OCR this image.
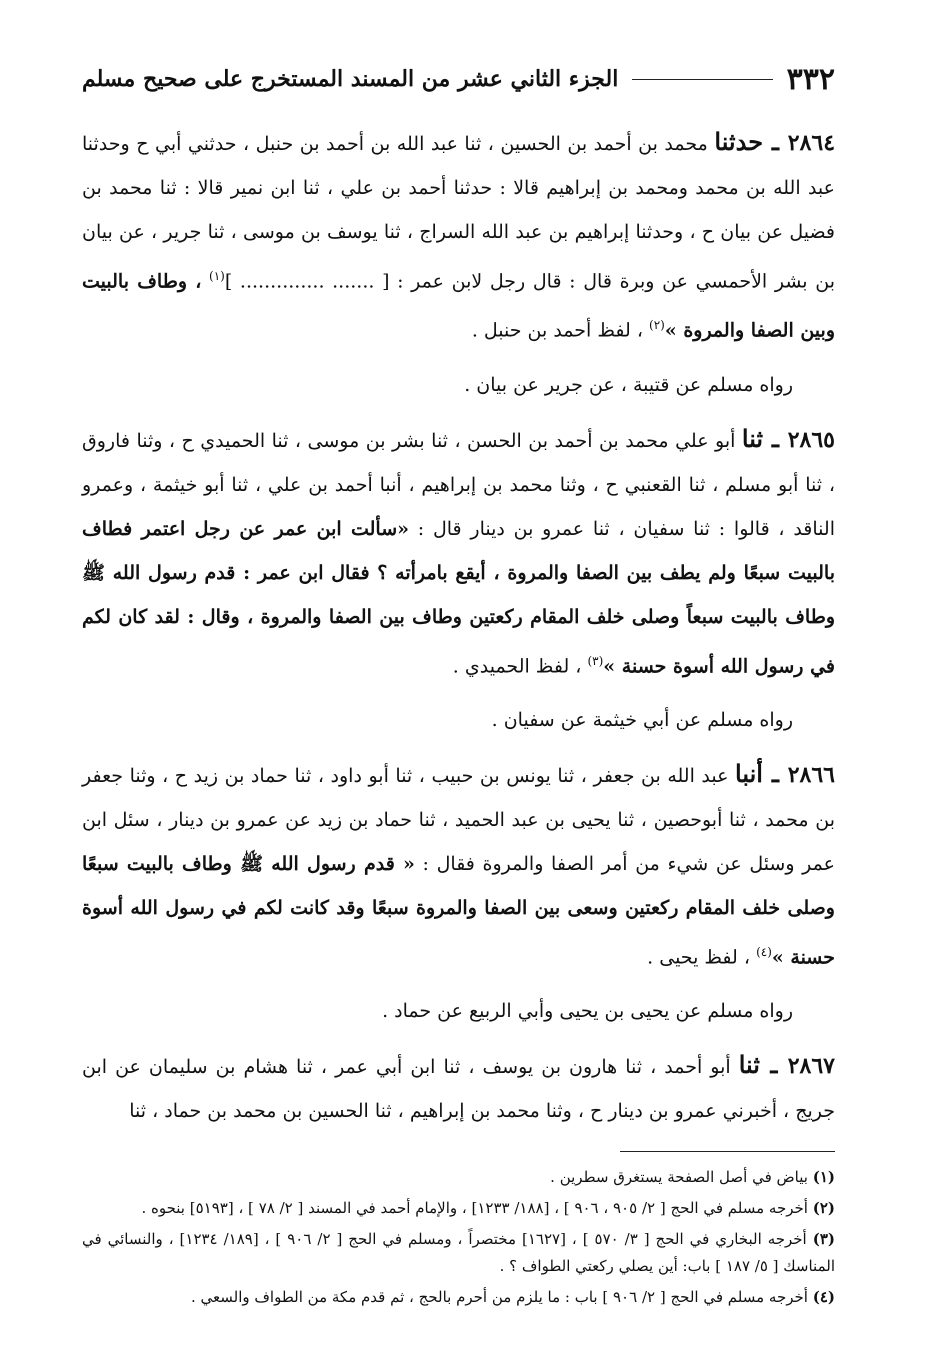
٣٣٢
الجزء الثاني عشر من المسند المستخرج على صحيح مسلم

٢٨٦٤ ـ حدثنا محمد بن أحمد بن الحسين ، ثنا عبد الله بن أحمد بن حنبل ، حدثني أبي ح وحدثنا عبد الله بن محمد ومحمد بن إبراهيم قالا : حدثنا أحمد بن علي ، ثنا ابن نمير قالا : ثنا محمد بن فضيل عن بيان ح ، وحدثنا إبراهيم بن عبد الله السراج ، ثنا يوسف بن موسى ، ثنا جرير ، عن بيان بن بشر الأحمسي عن وبرة قال : قال رجل لابن عمر : [ ....... .............. ]$^{(١)}$ ، وطاف بالبيت وبين الصفا والمروة »$^{(٢)}$ ، لفظ أحمد بن حنبل .

رواه مسلم عن قتيبة ، عن جرير عن بيان .

٢٨٦٥ ـ ثنا أبو علي محمد بن أحمد بن الحسن ، ثنا بشر بن موسى ، ثنا الحميدي ح ، وثنا فاروق ، ثنا أبو مسلم ، ثنا القعنبي ح ، وثنا محمد بن إبراهيم ، أنبا أحمد بن علي ، ثنا أبو خيثمة ، وعمرو الناقد ، قالوا : ثنا سفيان ، ثنا عمرو بن دينار قال : «سألت ابن عمر عن رجل اعتمر فطاف بالبيت سبعًا ولم يطف بين الصفا والمروة ، أيقع بامرأته ؟ فقال ابن عمر : قدم رسول الله ﷺ وطاف بالبيت سبعاً وصلى خلف المقام ركعتين وطاف بين الصفا والمروة ، وقال : لقد كان لكم في رسول الله أسوة حسنة »$^{(٣)}$ ، لفظ الحميدي .

رواه مسلم عن أبي خيثمة عن سفيان .

٢٨٦٦ ـ أنبا عبد الله بن جعفر ، ثنا يونس بن حبيب ، ثنا أبو داود ، ثنا حماد بن زيد ح ، وثنا جعفر بن محمد ، ثنا أبوحصين ، ثنا يحيى بن عبد الحميد ، ثنا حماد بن زيد عن عمرو بن دينار ، سئل ابن عمر وسئل عن شيء من أمر الصفا والمروة فقال : « قدم رسول الله ﷺ وطاف بالبيت سبعًا وصلى خلف المقام ركعتين وسعى بين الصفا والمروة سبعًا وقد كانت لكم في رسول الله أسوة حسنة »$^{(٤)}$ ، لفظ يحيى .

رواه مسلم عن يحيى بن يحيى وأبي الربيع عن حماد .

٢٨٦٧ ـ ثنا أبو أحمد ، ثنا هارون بن يوسف ، ثنا ابن أبي عمر ، ثنا هشام بن سليمان عن ابن جريج ، أخبرني عمرو بن دينار ح ، وثنا محمد بن إبراهيم ، ثنا الحسين بن محمد بن حماد ، ثنا

(١) بياض في أصل الصفحة يستغرق سطرين .

(٢) أخرجه مسلم في الحج [ ٢/ ٩٠٥ ، ٩٠٦ ] ، [١٨٨/ ١٢٣٣] ، والإمام أحمد في المسند [ ٢/ ٧٨ ] ، [٥١٩٣] بنحوه .

(٣) أخرجه البخاري في الحج [ ٣/ ٥٧٠ ] ، [١٦٢٧] مختصراً ، ومسلم في الحج [ ٢/ ٩٠٦ ] ، [١٨٩/ ١٢٣٤] ، والنسائي في المناسك [ ٥/ ١٨٧ ] باب: أين يصلي ركعتي الطواف ؟ .

(٤) أخرجه مسلم في الحج [ ٢/ ٩٠٦ ] باب : ما يلزم من أحرم بالحج ، ثم قدم مكة من الطواف والسعي .
